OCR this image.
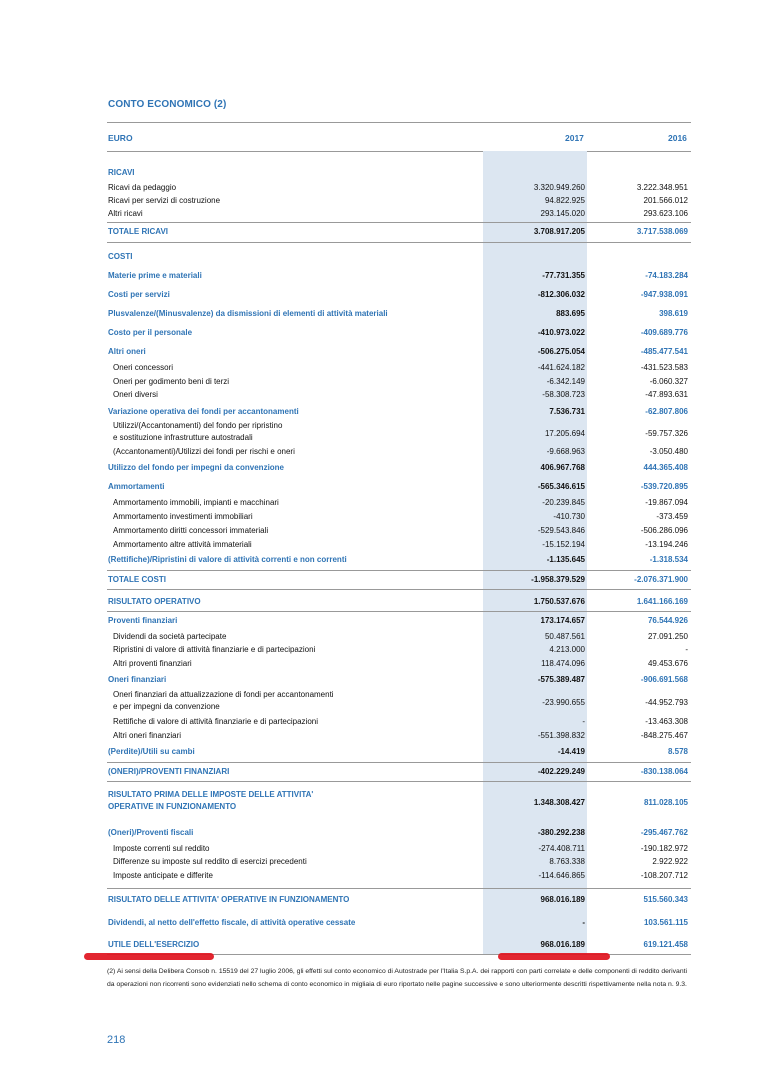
CONTO ECONOMICO (2)
EURO	2017	2016
RICAVI
Ricavi da pedaggio	3.320.949.260	3.222.348.951
Ricavi per servizi di costruzione	94.822.925	201.566.012
Altri ricavi	293.145.020	293.623.106
TOTALE RICAVI	3.708.917.205	3.717.538.069
COSTI
Materie prime e materiali	-77.731.355	-74.183.284
Costi per servizi	-812.306.032	-947.938.091
Plusvalenze/(Minusvalenze) da dismissioni di elementi di attività materiali	883.695	398.619
Costo per il personale	-410.973.022	-409.689.776
Altri oneri	-506.275.054	-485.477.541
Oneri concessori	-441.624.182	-431.523.583
Oneri per godimento beni di terzi	-6.342.149	-6.060.327
Oneri diversi	-58.308.723	-47.893.631
Variazione operativa dei fondi per accantonamenti	7.536.731	-62.807.806
Utilizzi/(Accantonamenti) del fondo per ripristino
e sostituzione infrastrutture autostradali	17.205.694	-59.757.326
(Accantonamenti)/Utilizzi dei fondi per rischi e oneri	-9.668.963	-3.050.480
Utilizzo del fondo per impegni da convenzione	406.967.768	444.365.408
Ammortamenti	-565.346.615	-539.720.895
Ammortamento immobili, impianti e macchinari	-20.239.845	-19.867.094
Ammortamento investimenti immobiliari	-410.730	-373.459
Ammortamento diritti concessori immateriali	-529.543.846	-506.286.096
Ammortamento altre attività immateriali	-15.152.194	-13.194.246
(Rettifiche)/Ripristini di valore di attività correnti e non correnti	-1.135.645	-1.318.534
TOTALE COSTI	-1.958.379.529	-2.076.371.900
RISULTATO OPERATIVO	1.750.537.676	1.641.166.169
Proventi finanziari	173.174.657	76.544.926
Dividendi da società partecipate	50.487.561	27.091.250
Ripristini di valore di attività finanziarie e di partecipazioni	4.213.000	-
Altri proventi finanziari	118.474.096	49.453.676
Oneri finanziari	-575.389.487	-906.691.568
Oneri finanziari da attualizzazione di fondi per accantonamenti
e per impegni da convenzione	-23.990.655	-44.952.793
Rettifiche di valore di attività finanziarie e di partecipazioni	-	-13.463.308
Altri oneri finanziari	-551.398.832	-848.275.467
(Perdite)/Utili su cambi	-14.419	8.578
(ONERI)/PROVENTI FINANZIARI	-402.229.249	-830.138.064
RISULTATO PRIMA DELLE IMPOSTE DELLE ATTIVITA'
OPERATIVE IN FUNZIONAMENTO	1.348.308.427	811.028.105
(Oneri)/Proventi fiscali	-380.292.238	-295.467.762
Imposte correnti sul reddito	-274.408.711	-190.182.972
Differenze su imposte sul reddito di esercizi precedenti	8.763.338	2.922.922
Imposte anticipate e differite	-114.646.865	-108.207.712
RISULTATO DELLE ATTIVITA' OPERATIVE IN FUNZIONAMENTO	968.016.189	515.560.343
Dividendi, al netto dell'effetto fiscale, di attività operative cessate	-	103.561.115
UTILE DELL'ESERCIZIO	968.016.189	619.121.458
(2) Ai sensi della Delibera Consob n. 15519 del 27 luglio 2006, gli effetti sul conto economico di Autostrade per l'Italia S.p.A. dei rapporti con parti correlate e delle componenti di reddito derivanti da operazioni non ricorrenti sono evidenziati nello schema di conto economico in migliaia di euro riportato nelle pagine successive e sono ulteriormente descritti rispettivamente nella nota n. 9.3.
218
